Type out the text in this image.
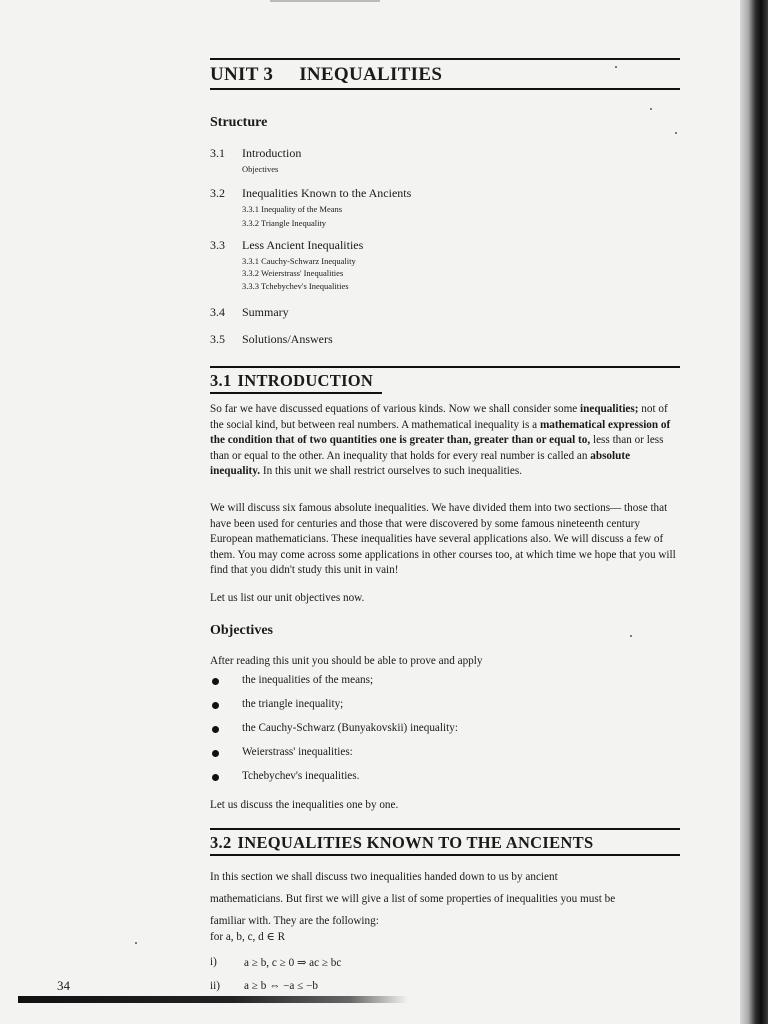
UNIT 3 INEQUALITIES
Structure
3.1 Introduction
Objectives
3.2 Inequalities Known to the Ancients
3.3.1 Inequality of the Means
3.3.2 Triangle Inequality
3.3 Less Ancient Inequalities
3.3.1 Cauchy-Schwarz Inequality
3.3.2 Weierstrass' Inequalities
3.3.3 Tchebychev's Inequalities
3.4 Summary
3.5 Solutions/Answers
3.1 INTRODUCTION
So far we have discussed equations of various kinds. Now we shall consider some inequalities; not of the social kind, but between real numbers. A mathematical inequality is a mathematical expression of the condition that of two quantities one is greater than, greater than or equal to, less than or less than or equal to the other. An inequality that holds for every real number is called an absolute inequality. In this unit we shall restrict ourselves to such inequalities.
We will discuss six famous absolute inequalities. We have divided them into two sections— those that have been used for centuries and those that were discovered by some famous nineteenth century European mathematicians. These inequalities have several applications also. We will discuss a few of them. You may come across some applications in other courses too, at which time we hope that you will find that you didn't study this unit in vain!
Let us list our unit objectives now.
Objectives
After reading this unit you should be able to prove and apply
the inequalities of the means;
the triangle inequality;
the Cauchy-Schwarz (Bunyakovskii) inequality:
Weierstrass' inequalities:
Tchebychev's inequalities.
Let us discuss the inequalities one by one.
3.2 INEQUALITIES KNOWN TO THE ANCIENTS
In this section we shall discuss two inequalities handed down to us by ancient
mathematicians. But first we will give a list of some properties of inequalities you must be
familiar with. They are the following:
for a, b, c, d ∈ R
i) a ≥ b, c ≥ 0 ⇒ ac ≥ bc
ii) a ≥ b ⇔ −a ≤ −b
34
